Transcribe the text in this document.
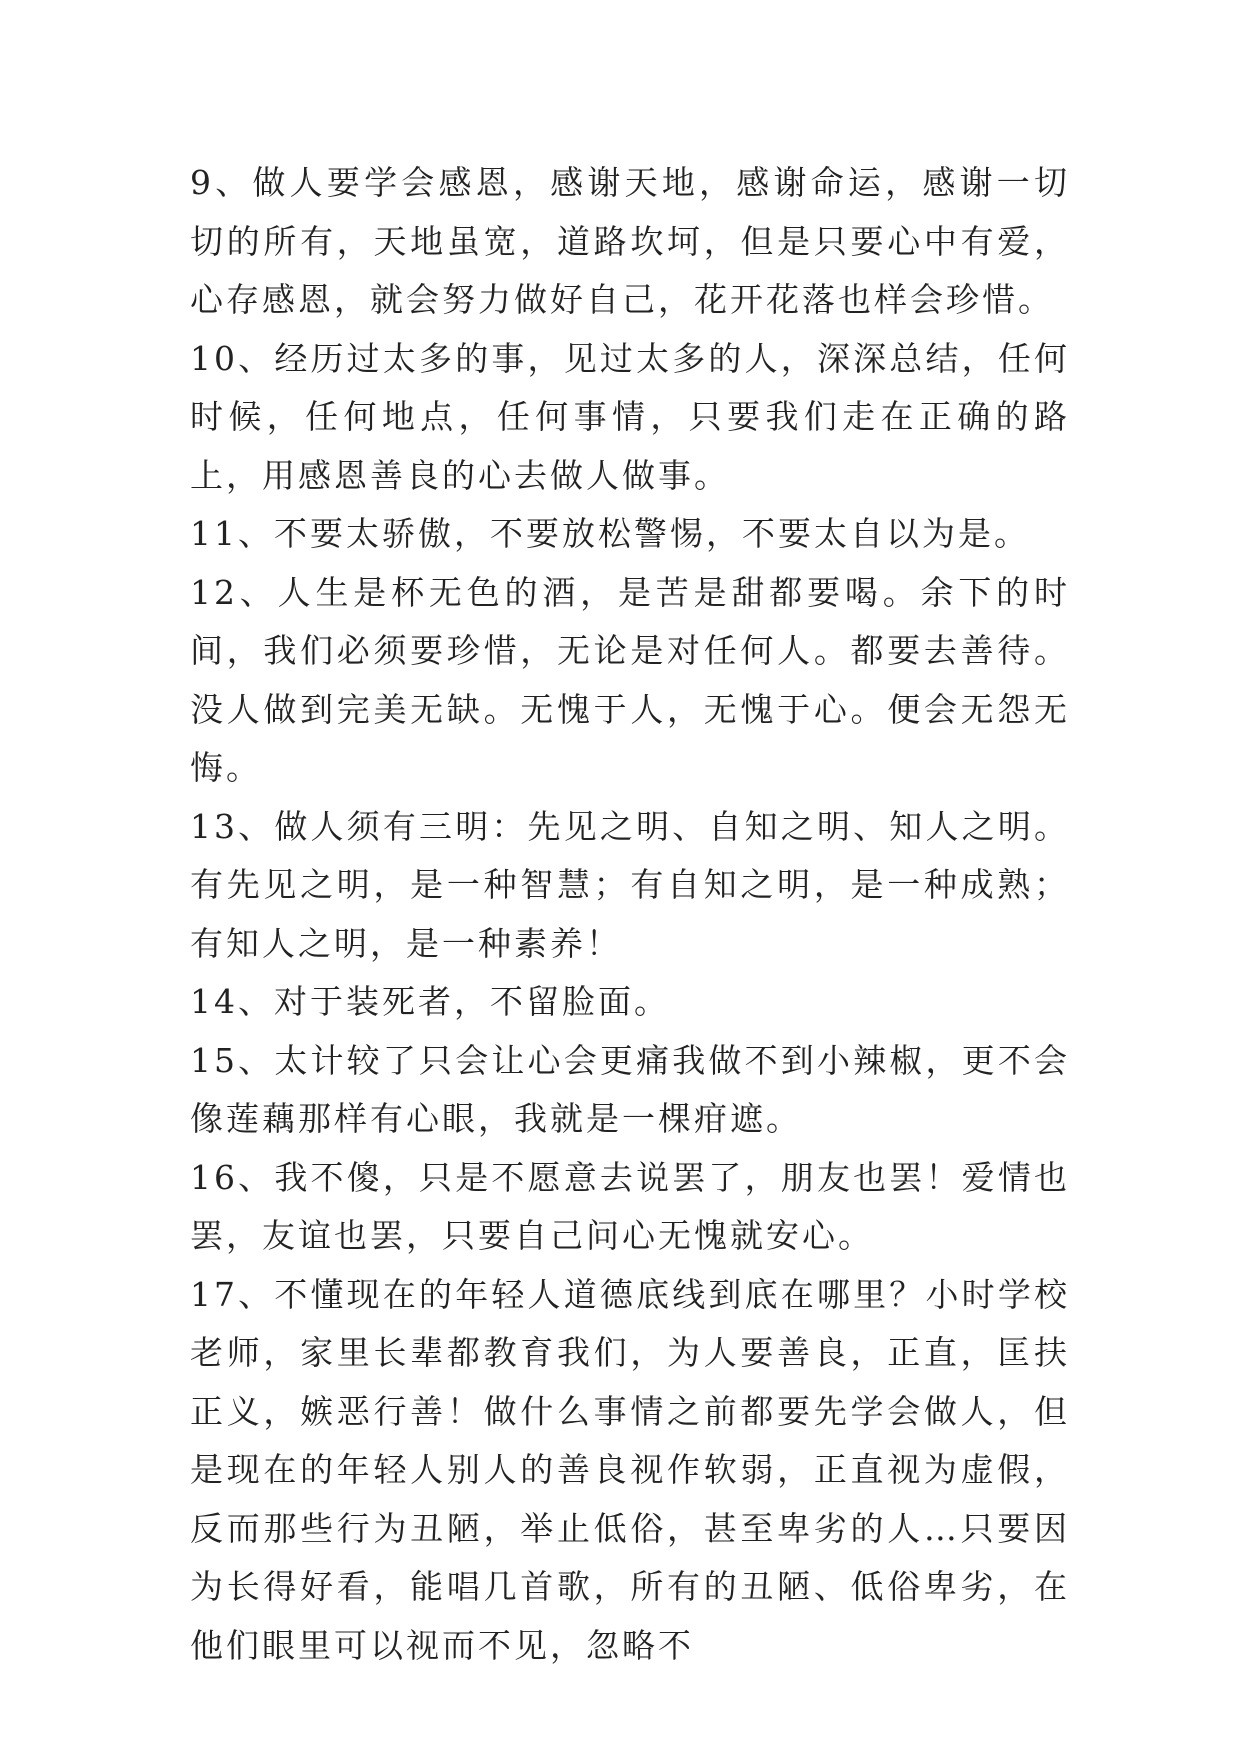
9、做人要学会感恩，感谢天地，感谢命运，感谢一切切的所有，天地虽宽，道路坎坷，但是只要心中有爱，心存感恩，就会努力做好自己，花开花落也样会珍惜。

10、经历过太多的事，见过太多的人，深深总结，任何时候，任何地点，任何事情，只要我们走在正确的路上，用感恩善良的心去做人做事。

11、不要太骄傲，不要放松警惕，不要太自以为是。

12、人生是杯无色的酒，是苦是甜都要喝。余下的时间，我们必须要珍惜，无论是对任何人。都要去善待。没人做到完美无缺。无愧于人，无愧于心。便会无怨无悔。

13、做人须有三明：先见之明、自知之明、知人之明。有先见之明，是一种智慧；有自知之明，是一种成熟；有知人之明，是一种素养！

14、对于装死者，不留脸面。

15、太计较了只会让心会更痛我做不到小辣椒，更不会像莲藕那样有心眼，我就是一棵疳遮。

16、我不傻，只是不愿意去说罢了，朋友也罢！爱情也罢，友谊也罢，只要自己问心无愧就安心。

17、不懂现在的年轻人道德底线到底在哪里？小时学校老师，家里长辈都教育我们，为人要善良，正直，匡扶正义，嫉恶行善！做什么事情之前都要先学会做人，但是现在的年轻人别人的善良视作软弱，正直视为虚假，反而那些行为丑陋，举止低俗，甚至卑劣的人…只要因为长得好看，能唱几首歌，所有的丑陋、低俗卑劣，在他们眼里可以视而不见，忽略不
